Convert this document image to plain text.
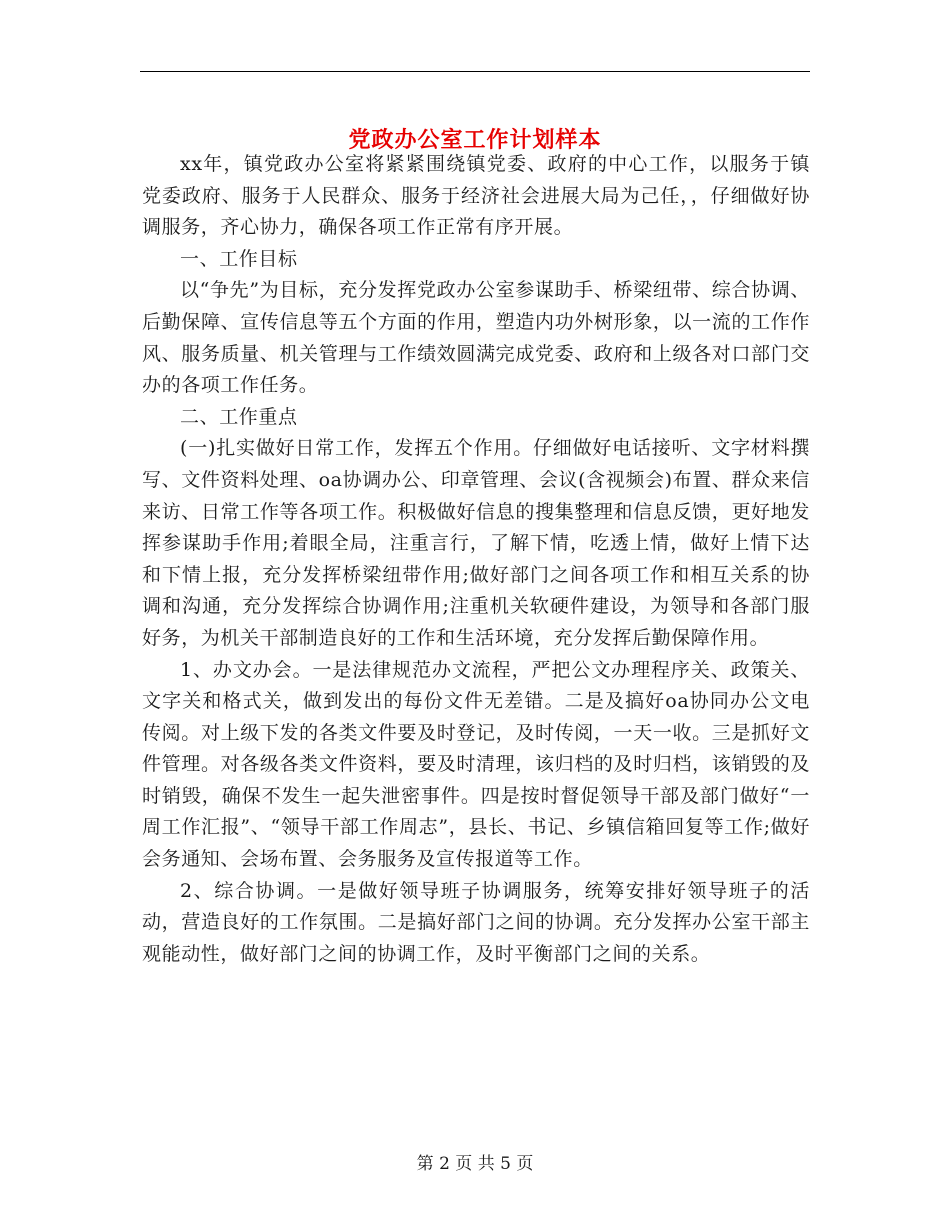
党政办公室工作计划样本

xx年，镇党政办公室将紧紧围绕镇党委、政府的中心工作，以服务于镇党委政府、服务于人民群众、服务于经济社会进展大局为己任，，仔细做好协调服务，齐心协力，确保各项工作正常有序开展。

一、工作目标

以“争先”为目标，充分发挥党政办公室参谋助手、桥梁纽带、综合协调、后勤保障、宣传信息等五个方面的作用，塑造内功外树形象，以一流的工作作风、服务质量、机关管理与工作绩效圆满完成党委、政府和上级各对口部门交办的各项工作任务。

二、工作重点

(一)扎实做好日常工作，发挥五个作用。仔细做好电话接听、文字材料撰写、文件资料处理、oa协调办公、印章管理、会议(含视频会)布置、群众来信来访、日常工作等各项工作。积极做好信息的搜集整理和信息反馈，更好地发挥参谋助手作用;着眼全局，注重言行，了解下情，吃透上情，做好上情下达和下情上报，充分发挥桥梁纽带作用;做好部门之间各项工作和相互关系的协调和沟通，充分发挥综合协调作用;注重机关软硬件建设，为领导和各部门服好务，为机关干部制造良好的工作和生活环境，充分发挥后勤保障作用。

1、办文办会。一是法律规范办文流程，严把公文办理程序关、政策关、文字关和格式关，做到发出的每份文件无差错。二是及搞好oa协同办公文电传阅。对上级下发的各类文件要及时登记，及时传阅，一天一收。三是抓好文件管理。对各级各类文件资料，要及时清理，该归档的及时归档，该销毁的及时销毁，确保不发生一起失泄密事件。四是按时督促领导干部及部门做好“一周工作汇报”、“领导干部工作周志”，县长、书记、乡镇信箱回复等工作;做好会务通知、会场布置、会务服务及宣传报道等工作。

2、综合协调。一是做好领导班子协调服务，统筹安排好领导班子的活动，营造良好的工作氛围。二是搞好部门之间的协调。充分发挥办公室干部主观能动性，做好部门之间的协调工作，及时平衡部门之间的关系。

第 2 页 共 5 页
